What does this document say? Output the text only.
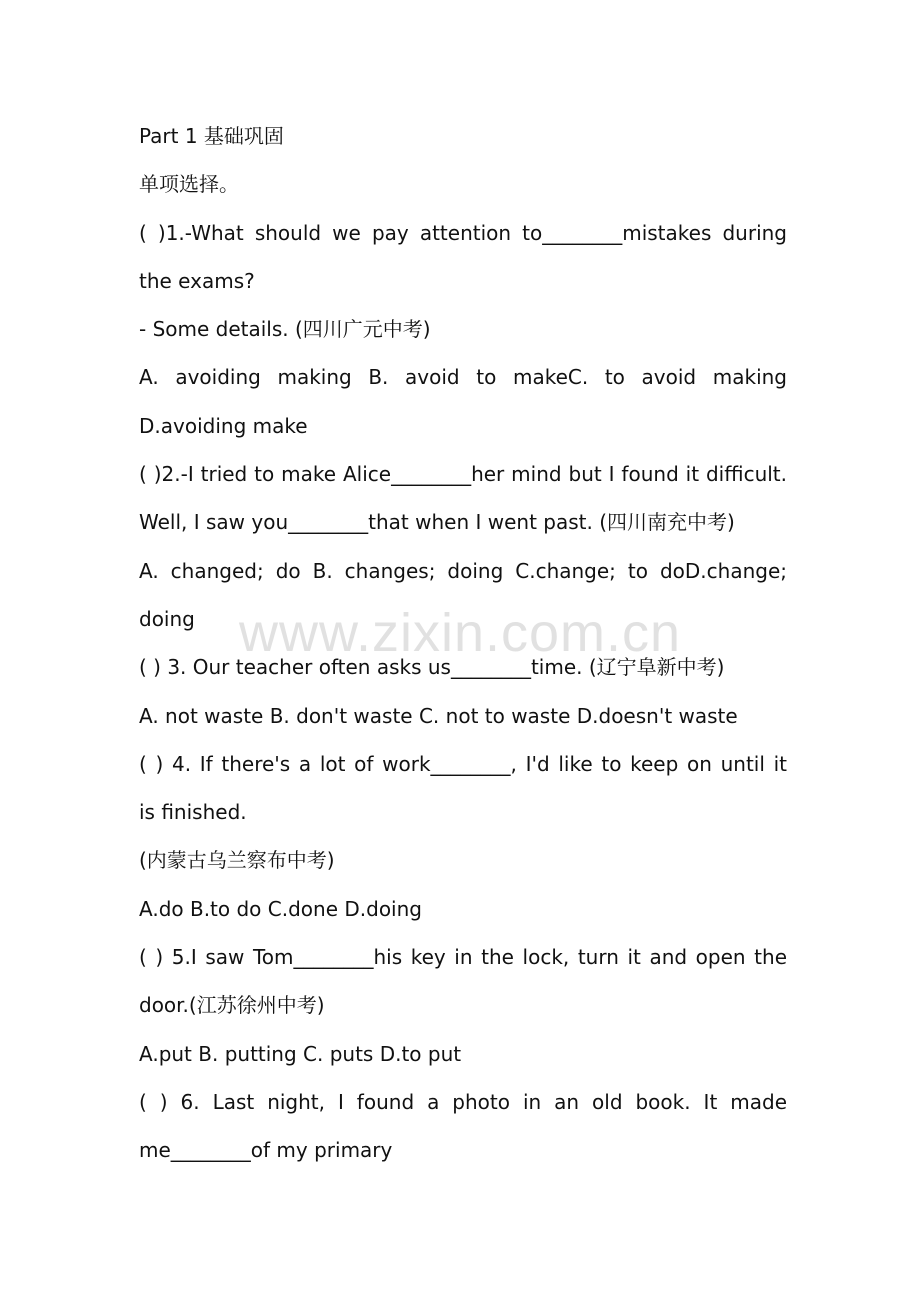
www.zixin.com.cn
Part 1 基础巩固
单项选择。
( )1.-What should we pay attention to________mistakes during
the exams?
- Some details. (四川广元中考)
A. avoiding making B. avoid to makeC. to avoid making
D.avoiding make
( )2.-I tried to make Alice________her mind but I found it difficult.
Well, I saw you________that when I went past. (四川南充中考)
A. changed; do B. changes; doing C.change; to doD.change;
doing
( ) 3. Our teacher often asks us________time. (辽宁阜新中考)
A. not waste B. don't waste C. not to waste D.doesn't waste
( ) 4. If there's a lot of work________, I'd like to keep on until it
is finished.
(内蒙古乌兰察布中考)
A.do B.to do C.done D.doing
( ) 5.I saw Tom________his key in the lock, turn it and open the
door.(江苏徐州中考)
A.put B. putting C. puts D.to put
( ) 6. Last night, I found a photo in an old book. It made
me________of my primary
